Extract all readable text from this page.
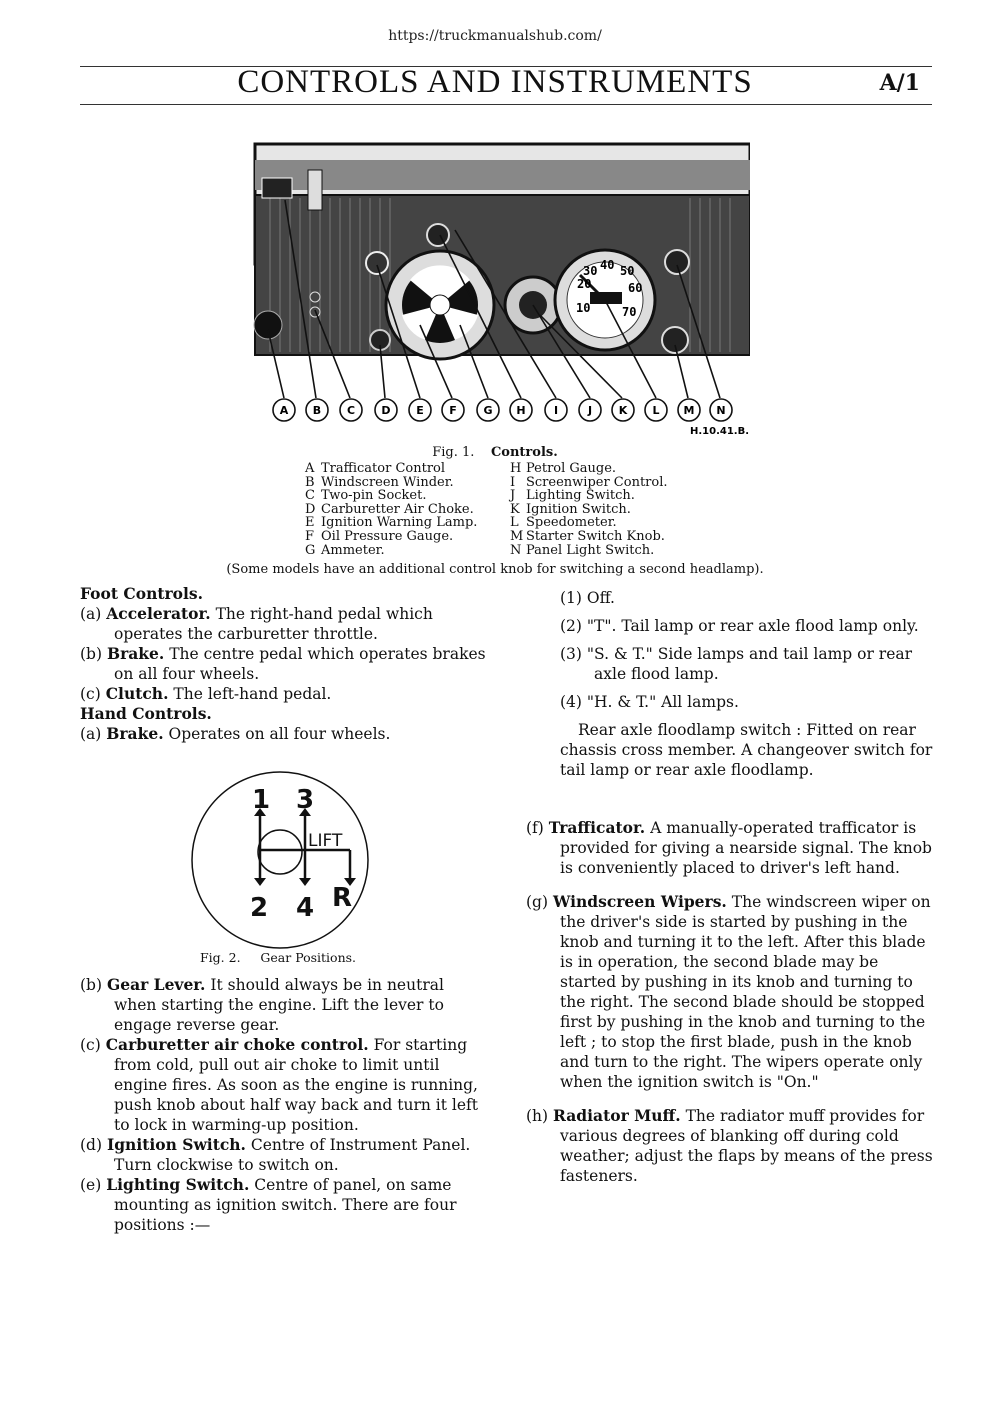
https://truckmanualshub.com/
CONTROLS AND INSTRUMENTS	A/1
20
30 40 50
60
70
10
A B C D E F G H	I	J K L M N
H.10.41.B.
Fig. 1. Controls.
A Trafficator Control
B Windscreen Winder.
C Two-pin Socket.
D Carburetter Air Choke.
E Ignition Warning Lamp.
F Oil Pressure Gauge.
G Ammeter.
H Petrol Gauge.
I Screenwiper Control.
J Lighting Switch.
K Ignition Switch.
L Speedometer.
M Starter Switch Knob.
N Panel Light Switch.
(Some models have an additional control knob for switching a second headlamp).

Foot Controls.

(a) Accelerator. The right-hand pedal which operates the carburetter throttle.

(b) Brake. The centre pedal which operates brakes on all four wheels.

(c) Clutch. The left-hand pedal.

Hand Controls.

(a) Brake. Operates on all four wheels.

1 3
LIFT
2 4 R
Fig. 2.     Gear Positions.

(b) Gear Lever. It should always be in neutral when starting the engine. Lift the lever to engage reverse gear.

(c) Carburetter air choke control. For starting from cold, pull out air choke to limit until engine fires. As soon as the engine is running, push knob about half way back and turn it left to lock in warming-up position.

(d) Ignition Switch. Centre of Instrument Panel. Turn clockwise to switch on.

(e) Lighting Switch. Centre of panel, on same mounting as ignition switch. There are four positions :—

(1) Off.

(2) "T". Tail lamp or rear axle flood lamp only.

(3) "S. & T." Side lamps and tail lamp or rear axle flood lamp.

(4) "H. & T." All lamps.

Rear axle floodlamp switch : Fitted on rear chassis cross member. A changeover switch for tail lamp or rear axle floodlamp.

(f) Trafficator. A manually-operated trafficator is provided for giving a nearside signal. The knob is conveniently placed to driver's left hand.

(g) Windscreen Wipers. The windscreen wiper on the driver's side is started by pushing in the knob and turning it to the left. After this blade is in operation, the second blade may be started by pushing in its knob and turning to the right. The second blade should be stopped first by pushing in the knob and turning to the left ; to stop the first blade, push in the knob and turn to the right. The wipers operate only when the ignition switch is "On."

(h) Radiator Muff. The radiator muff provides for various degrees of blanking off during cold weather; adjust the flaps by means of the press fasteners.
